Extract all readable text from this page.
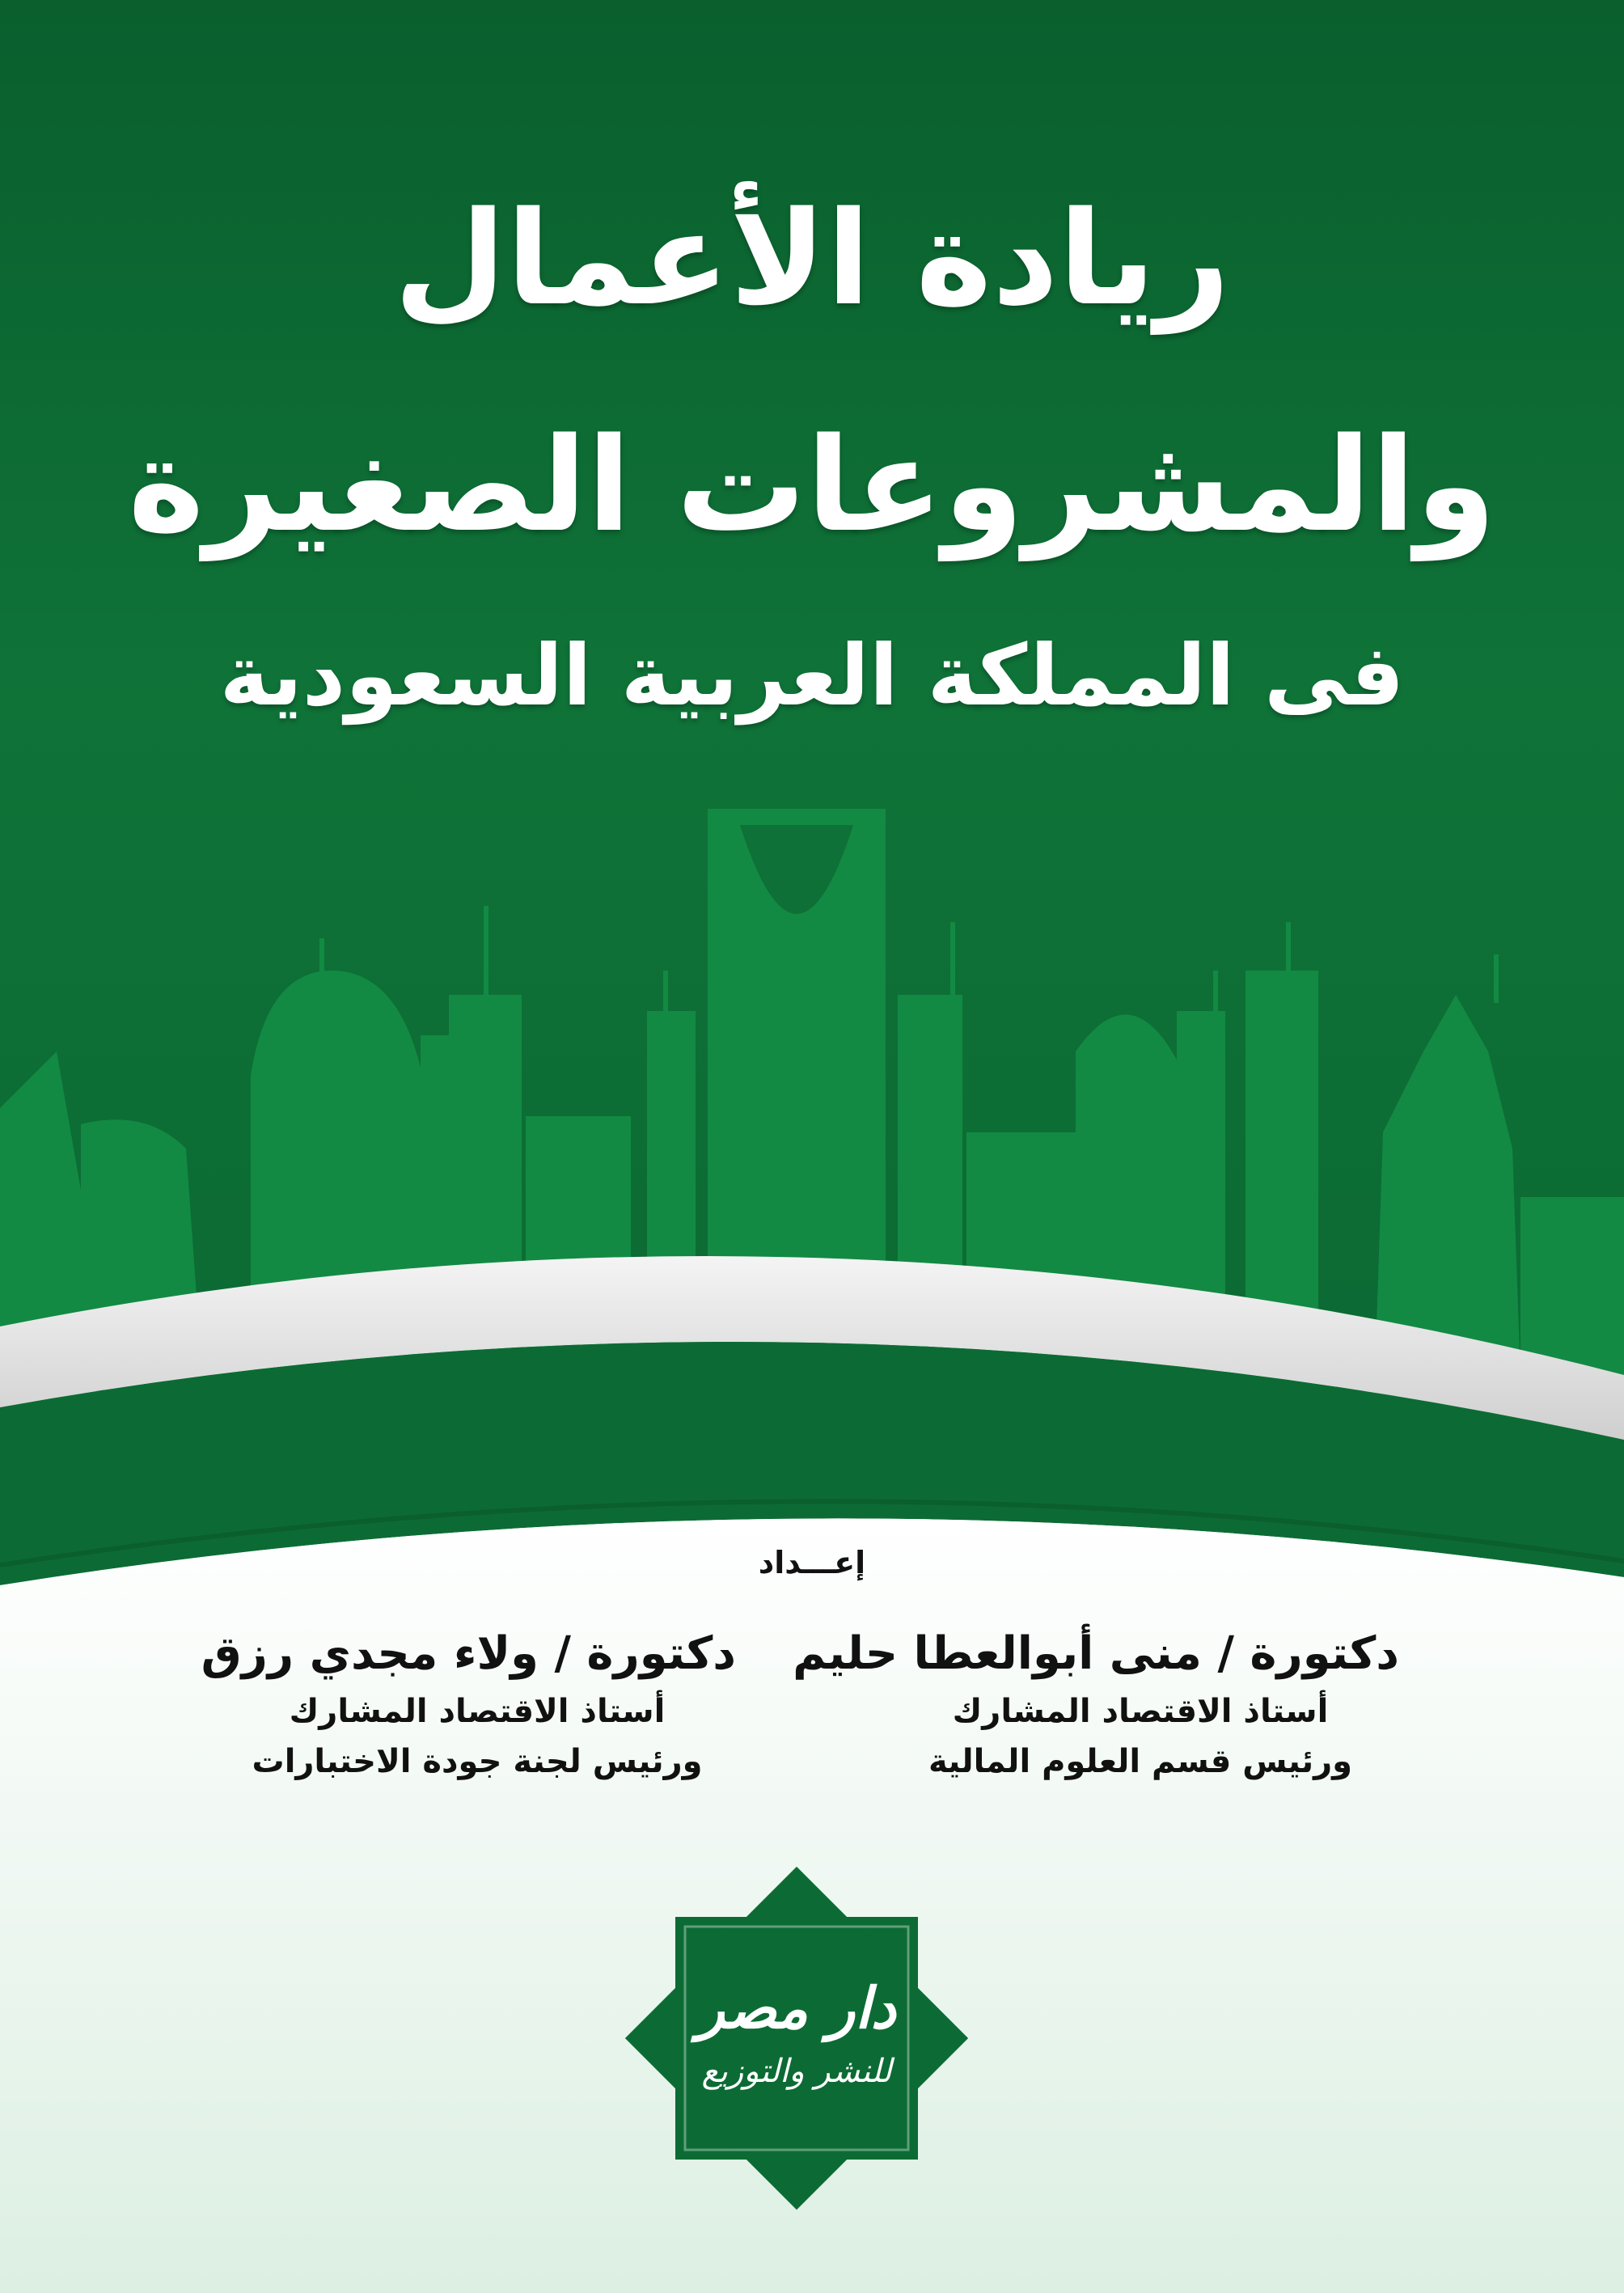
ريادة الأعمال
والمشروعات الصغيرة
فى المملكة العربية السعودية
إعـــداد
دكتورة / منى أبوالعطا حليم
أستاذ الاقتصاد المشارك
ورئيس قسم العلوم المالية
دكتورة / ولاء مجدي رزق
أستاذ الاقتصاد المشارك
ورئيس لجنة جودة الاختبارات
دار مصر
للنشر والتوزيع
